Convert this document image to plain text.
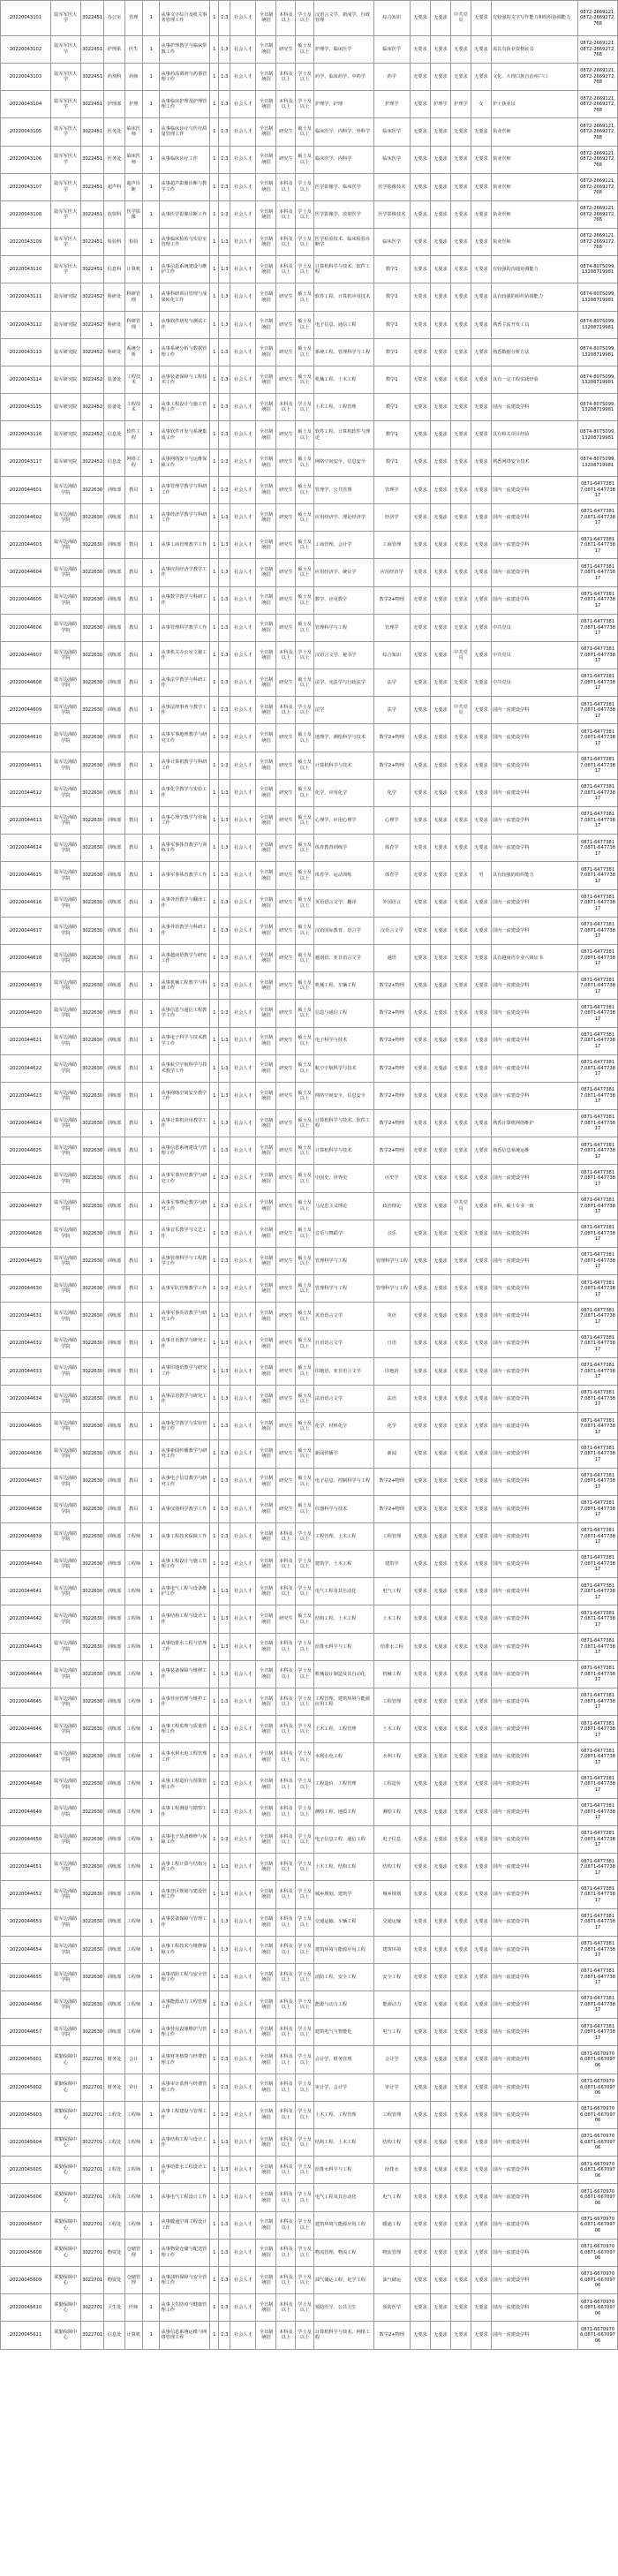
20220043101	陆军军医大学	3022451	办公室	管理	1	从事文字综合及机关事务管理工作	1	1:3	社会人才	全日制统招	本科及以上	学士及以上	汉语言文学、新闻学、行政管理	综合知识	无要求	无要求	中共党员	无要求	有较强的文字写作能力和组织协调能力	0872-2669121,0872-2669272,768
20220043102	陆军军医大学	3022451	护理系	医生	1	从事护理教学与临床带教工作	1	1:3	社会人才	全日制统招	研究生	硕士及以上	护理学、临床医学	临床医学	无要求	无要求	无要求	无要求	需具有执业资格证书	0872-2669121,0872-2669272,768
20220043103	陆军军医大学	3022451	药剂科	药师	1	从事药品调剂与药事管理工作	1	1:3	社会人才	全日制统招	本科及以上	学士及以上	药学、临床药学、中药学	药学	无要求	无要求	无要求	无要求	文化、大理白族自治州户口	0872-2669121,0872-2669272,768
20220043104	陆军军医大学	3022451	护理部	护理	1	从事临床护理及护理管理工作	1	1:3	社会人才	全日制统招	本科及以上	学士及以上	护理学、护理	护理学	无要求	护理学	护理学	女	护士执业证	0872-2669121,0872-2669272,768
20220043105	陆军军医大学	3022451	医务处	临床医师	1	从事临床诊疗与医疗质量管理工作	1	1:3	社会人才	全日制统招	研究生	硕士及以上	临床医学、内科学、外科学	临床医学	无要求	无要求	无要求	无要求	执业医师	0872-2669121,0872-2669272,768
20220043106	陆军军医大学	3022451	医务处	临床医师	1	从事临床诊疗工作	1	1:3	社会人才	全日制统招	研究生	硕士及以上	临床医学、内科学	临床医学	无要求	无要求	无要求	无要求	执业医师	0872-2669121,0872-2669272,768
20220043107	陆军军医大学	3022451	超声科	超声诊断	1	从事超声影像诊断与教学工作	1	1:3	社会人才	全日制统招	本科及以上	学士及以上	医学影像学、临床医学	医学影像技术	无要求	无要求	无要求	无要求	执业医师	0872-2669121,0872-2669272,768
20220043108	陆军军医大学	3022451	放射科	医学影像	1	从事医学影像诊断工作	1	1:3	社会人才	全日制统招	本科及以上	学士及以上	医学影像学、放射医学	医学影像技术	无要求	无要求	无要求	无要求	执业医师	0872-2669121,0872-2669272,768
20220043109	陆军军医大学	3022451	检验科	检验	1	从事临床检验与实验室管理工作	1	1:3	社会人才	全日制统招	本科及以上	学士及以上	医学检验技术、临床检验诊断学	临床医学	无要求	无要求	无要求	无要求	执业医师	0872-2669121,0872-2669272,768
20220043110	陆军军医大学	3022451	信息科	计算机	1	从事信息系统建设与维护工作	1	1:3	社会人才	全日制统招	本科及以上	学士及以上	计算机科学与技术、软件工程	数学1	无要求	无要求	无要求	无要求	有较强的沟通协调能力	0874-8075099,13208719981
20220043111	陆军研究院	3022452	科研处	科研管理	1	从事科研项目管理与成果转化工作	1	1:3	社会人才	全日制统招	研究生	硕士及以上	软件工程、计算机应用技术	数学1	无要求	无要求	无要求	无要求	具有较强的组织协调能力	0874-8075099,13208719981
20220043112	陆军研究院	3022452	科研处	科研管理	1	从事软件研发与测试工作	1	1:3	社会人才	全日制统招	研究生	硕士及以上	电子信息、通信工程	数学1	无要求	无要求	无要求	无要求	熟悉主流开发工具	0874-8075099,13208719981
20220043113	陆军研究院	3022452	科研处	系统分析	1	从事系统分析与数据管理工作	1	1:3	社会人才	全日制统招	研究生	硕士及以上	系统工程、管理科学与工程	数学1	无要求	无要求	无要求	无要求	熟悉数据分析方法	0874-8075099,13208719981
20220043114	陆军研究院	3022452	装备处	工程技术	1	从事装备保障与工程技术工作	1	1:3	社会人才	全日制统招	研究生	硕士及以上	机械工程、土木工程	数学1	无要求	无要求	无要求	无要求	具有一定工程实践经验	0874-8075099,13208719981
20220043115	陆军研究院	3022452	装备处	工程技术	1	从事工程设计与施工管理工作	1	1:3	社会人才	全日制统招	本科及以上	学士及以上	土木工程、工程管理	数学1	无要求	无要求	无要求	无要求	国内一流建设学科	0874-8075099,13208719981
20220043116	陆军研究院	3022452	信息处	软件工程	1	从事软件开发与系统集成工作	1	1:3	社会人才	全日制统招	研究生	硕士及以上	软件工程、计算机软件与理论	数学1	无要求	无要求	无要求	无要求	具有相关项目经验	0874-8075099,13208719981
20220043117	陆军研究院	3022452	信息处	网络工程	1	从事网络安全与运维保障工作	1	1:3	社会人才	全日制统招	研究生	硕士及以上	网络空间安全、信息安全	数学1	无要求	无要求	无要求	无要求	熟悉网络安全技术	0874-8075099,13208719981
20220044601	陆军边海防学院	3022630	训练部	教员	1	从事管理学教学与科研工作	1	1:3	社会人才	全日制统招	研究生	硕士及以上	管理学、公共管理	管理学	无要求	无要求	无要求	无要求	国内一流建设学科	0871-64773817,0871-64773817
20220044602	陆军边海防学院	3022630	训练部	教员	1	从事经济学教学与科研工作	1	1:3	社会人才	全日制统招	研究生	硕士及以上	应用经济学、理论经济学	经济学	无要求	无要求	无要求	无要求	国内一流建设学科	0871-64773817,0871-64773817
20220044603	陆军边海防学院	3022630	训练部	教员	1	从事工商管理教学工作	1	1:3	社会人才	全日制统招	研究生	硕士及以上	工商管理、会计学	工商管理	无要求	无要求	无要求	无要求	国内一流建设学科	0871-64773817,0871-64773817
20220044604	陆军边海防学院	3022630	训练部	教员	1	从事应用经济学教学工作	1	1:3	社会人才	全日制统招	研究生	硕士及以上	应用经济学、统计学	应用经济学	无要求	无要求	无要求	无要求	国内一流建设学科	0871-64773817,0871-64773817
20220044605	陆军边海防学院	3022630	训练部	教员	1	从事数学教学与科研工作	1	1:3	社会人才	全日制统招	研究生	硕士及以上	数学、应用数学	数学2+物理	无要求	无要求	无要求	无要求	国内一流建设学科	0871-64773817,0871-64773817
20220044606	陆军边海防学院	3022630	训练部	教员	1	从事管理科学教学工作	1	1:3	社会人才	全日制统招	研究生	硕士及以上	管理科学与工程	管理学	无要求	无要求	无要求	无要求	中共党员	0871-64773817,0871-64773817
20220044607	陆军边海防学院	3022630	训练部	教员	1	从事机关办公室文秘工作	1	1:3	社会人才	全日制统招	本科及以上	学士及以上	汉语言文学、秘书学	综合知识	无要求	无要求	中共党员	无要求	中共党员	0871-64773817,0871-64773817
20220044608	陆军边海防学院	3022630	训练部	教员	1	从事法学教学与科研工作	1	1:3	社会人才	全日制统招	研究生	硕士及以上	法学、宪法学与行政法学	法学	无要求	无要求	无要求	无要求	中共党员	0871-64773817,0871-64773817
20220044609	陆军边海防学院	3022630	训练部	教员	1	从事法律事务与教学工作	1	1:3	社会人才	全日制统招	本科及以上	学士及以上	法学	法学	无要求	无要求	中共党员	无要求	国内一流建设学科	0871-64773817,0871-64773817
20220044610	陆军边海防学院	3022630	训练部	教员	1	从事军事地理教学与研究工作	1	1:3	社会人才	全日制统招	研究生	硕士及以上	地理学、测绘科学与技术	数学2+物理	无要求	无要求	无要求	无要求	国内一流建设学科	0871-64773817,0871-64773817
20220044611	陆军边海防学院	3022630	训练部	教员	1	从事计算机教学与科研工作	1	1:3	社会人才	全日制统招	研究生	硕士及以上	计算机科学与技术	数学2+物理	无要求	无要求	无要求	无要求	国内一流建设学科	0871-64773817,0871-64773817
20220044612	陆军边海防学院	3022630	训练部	教员	1	从事化学教学与实验工作	1	1:3	社会人才	全日制统招	研究生	硕士及以上	化学、应用化学	化学	无要求	无要求	无要求	无要求	国内一流建设学科	0871-64773817,0871-64773817
20220044613	陆军边海防学院	3022630	训练部	教员	1	从事心理学教学与咨询工作	1	1:3	社会人才	全日制统招	研究生	硕士及以上	心理学、应用心理学	心理学	无要求	无要求	无要求	无要求	国内一流建设学科	0871-64773817,0871-64773817
20220044614	陆军边海防学院	3022630	训练部	教员	1	从事军事体育教学与训练工作	1	1:3	社会人才	全日制统招	研究生	硕士及以上	体育教育训练学	体育学	无要求	无要求	无要求	无要求	国内一流建设学科	0871-64773817,0871-64773817
20220044615	陆军边海防学院	3022630	训练部	教员	1	从事军事体育教学工作	1	1:3	社会人才	全日制统招	研究生	硕士及以上	体育学、运动训练	体育学	无要求	无要求	无要求	男	具有较强的组织能力	0871-64773817,0871-64773817
20220044616	陆军边海防学院	3022630	训练部	教员	1	从事外语教学与翻译工作	1	1:3	社会人才	全日制统招	研究生	硕士及以上	英语语言文学、翻译	外国语言	无要求	无要求	无要求	无要求	国内一流建设学科	0871-64773817,0871-64773817
20220044617	陆军边海防学院	3022630	训练部	教员	1	从事外语教学与科研工作	1	1:3	社会人才	全日制统招	研究生	硕士及以上	汉语国际教育、语言学	汉语言文学	无要求	无要求	无要求	无要求	国内一流建设学科	0871-64773817,0871-64773817
20220044618	陆军边海防学院	3022630	训练部	教员	1	从事越南语教学与研究工作	1	1:3	社会人才	全日制统招	研究生	硕士及以上	越南语、亚非语言文学	越语	无要求	无要求	无要求	无要求	具有越南语专业八级证书	0871-64773817,0871-64773817
20220044619	陆军边海防学院	3022630	训练部	教员	1	从事机械工程教学与科研工作	1	1:3	社会人才	全日制统招	研究生	硕士及以上	机械工程、车辆工程	数学2+物理	无要求	无要求	无要求	无要求	国内一流建设学科	0871-64773817,0871-64773817
20220044620	陆军边海防学院	3022630	训练部	教员	1	从事信息与通信工程教学工作	1	1:3	社会人才	全日制统招	研究生	硕士及以上	信息与通信工程	数学2+物理	无要求	无要求	无要求	无要求	国内一流建设学科	0871-64773817,0871-64773817
20220044621	陆军边海防学院	3022630	训练部	教员	1	从事电子科学与技术教学工作	1	1:3	社会人才	全日制统招	研究生	硕士及以上	电子科学与技术	数学2+物理	无要求	无要求	无要求	无要求	国内一流建设学科	0871-64773817,0871-64773817
20220044622	陆军边海防学院	3022630	训练部	教员	1	从事航空宇航科学与技术教学工作	1	1:3	社会人才	全日制统招	研究生	硕士及以上	航空宇航科学与技术	数学2+物理	无要求	无要求	无要求	无要求	国内一流建设学科	0871-64773817,0871-64773817
20220044623	陆军边海防学院	3022630	训练部	教员	1	从事网络空间安全教学工作	1	1:3	社会人才	全日制统招	研究生	硕士及以上	网络空间安全、信息安全	数学2+物理	无要求	无要求	无要求	无要求	国内一流建设学科	0871-64773817,0871-64773817
20220044624	陆军边海防学院	3022630	训练部	教员	1	从事计算机应用教学工作	1	1:3	社会人才	全日制统招	研究生	硕士及以上	计算机科学与技术、软件工程	数学2+物理	无要求	无要求	无要求	无要求	熟悉计算机网络维护	0871-64773817,0871-64773817
20220044625	陆军边海防学院	3022630	训练部	教员	1	从事信息系统建设与管理工作	1	1:3	社会人才	全日制统招	研究生	硕士及以上	计算机科学与技术	数学2+物理	无要求	无要求	无要求	无要求	熟悉信息系统运维	0871-64773817,0871-64773817
20220044626	陆军边海防学院	3022630	训练部	教员	1	从事军事历史教学与研究工作	1	1:3	社会人才	全日制统招	研究生	硕士及以上	中国史、世界史	历史学	无要求	无要求	无要求	无要求	国内一流建设学科	0871-64773817,0871-64773817
20220044627	陆军边海防学院	3022630	训练部	教员	1	从事军事理论教学与研究工作	1	1:3	社会人才	全日制统招	研究生	硕士及以上	马克思主义理论	政治理论	无要求	无要求	中共党员	无要求	本科、硕士专业一致	0871-64773817,0871-64773817
20220044628	陆军边海防学院	3022630	训练部	教员	1	从事音乐教学与文艺工作	1	1:3	社会人才	全日制统招	研究生	硕士及以上	音乐与舞蹈学	音乐	无要求	无要求	无要求	无要求	国内一流建设学科	0871-64773817,0871-64773817
20220044629	陆军边海防学院	3022630	训练部	教员	1	从事管理科学与工程教学工作	1	1:3	社会人才	全日制统招	研究生	硕士及以上	管理科学与工程	管理科学与工程	无要求	无要求	无要求	无要求	国内一流建设学科	0871-64773817,0871-64773817
20220044630	陆军边海防学院	3022630	训练部	教员	1	从事军队管理教学工作	1	1:3	社会人才	全日制统招	研究生	硕士及以上	管理科学与工程	管理科学与工程	无要求	无要求	无要求	无要求	国内一流建设学科	0871-64773817,0871-64773817
20220044631	陆军边海防学院	3022630	训练部	教员	1	从事军事英语教学与研究工作	1	1:3	社会人才	全日制统招	研究生	硕士及以上	英语语言文学	英语	无要求	无要求	无要求	无要求	国内一流建设学科	0871-64773817,0871-64773817
20220044632	陆军边海防学院	3022630	训练部	教员	1	从事日语教学与研究工作	1	1:3	社会人才	全日制统招	研究生	硕士及以上	日语语言文学	日语	无要求	无要求	无要求	无要求	国内一流建设学科	0871-64773817,0871-64773817
20220044633	陆军边海防学院	3022630	训练部	教员	1	从事印地语教学与研究工作	1	1:3	社会人才	全日制统招	研究生	硕士及以上	印地语、亚非语言文学	印地语	无要求	无要求	无要求	无要求	国内一流建设学科	0871-64773817,0871-64773817
20220044634	陆军边海防学院	3022630	训练部	教员	1	从事法语教学与研究工作	1	1:3	社会人才	全日制统招	研究生	硕士及以上	法语语言文学	法语	无要求	无要求	无要求	无要求	国内一流建设学科	0871-64773817,0871-64773817
20220044635	陆军边海防学院	3022630	训练部	教员	1	从事化学教学与实验管理工作	1	1:3	社会人才	全日制统招	研究生	硕士及以上	化学、材料化学	化学	无要求	无要求	无要求	无要求	国内一流建设学科	0871-64773817,0871-64773817
20220044636	陆军边海防学院	3022630	训练部	教员	1	从事新闻传播教学与研究工作	1	1:3	社会人才	全日制统招	研究生	硕士及以上	新闻传播学	新闻	无要求	无要求	无要求	无要求	国内一流建设学科	0871-64773817,0871-64773817
20220044637	陆军边海防学院	3022630	训练部	教员	1	从事电子信息教学与研究工作	1	1:3	社会人才	全日制统招	研究生	硕士及以上	电子信息、控制科学与工程	数学2+物理	无要求	无要求	无要求	无要求	国内一流建设学科	0871-64773817,0871-64773817
20220044638	陆军边海防学院	3022630	训练部	教员	1	从事仪器科学教学工作	1	1:3	社会人才	全日制统招	研究生	硕士及以上	仪器科学与技术	数学2+物理	无要求	无要求	无要求	无要求	国内一流建设学科	0871-64773817,0871-64773817
20220044639	陆军边海防学院	3022630	训练部	工程师	1	从事工程技术保障工作	1	1:3	社会人才	全日制统招	本科及以上	学士及以上	工程管理、土木工程	工程管理	无要求	无要求	无要求	无要求	国内一流建设学科	0871-64773817,0871-64773817
20220044640	陆军边海防学院	3022630	训练部	工程师	1	从事工程设计与施工管理工作	1	1:3	社会人才	全日制统招	本科及以上	学士及以上	建筑学、土木工程	建筑学	无要求	无要求	无要求	无要求	国内一流建设学科	0871-64773817,0871-64773817
20220044641	陆军边海防学院	3022630	训练部	工程师	1	从事电气工程与设备维护工作	1	1:3	社会人才	全日制统招	本科及以上	学士及以上	电气工程及其自动化	电气工程	无要求	无要求	无要求	无要求	国内一流建设学科	0871-64773817,0871-64773817
20220044642	陆军边海防学院	3022630	训练部	工程师	1	从事结构工程与设计工作	1	1:3	社会人才	全日制统招	研究生	硕士及以上	结构工程、土木工程	土木工程	无要求	无要求	无要求	无要求	国内一流建设学科	0871-64773817,0871-64773817
20220044643	陆军边海防学院	3022630	训练部	工程师	1	从事给排水工程与管理工作	1	1:3	社会人才	全日制统招	本科及以上	学士及以上	给排水科学与工程	给排水工程	无要求	无要求	无要求	无要求	国内一流建设学科	0871-64773817,0871-64773817
20220044644	陆军边海防学院	3022630	训练部	工程师	1	从事装备保障与维修工作	1	1:3	社会人才	全日制统招	本科及以上	学士及以上	机械设计制造及其自动化	机械工程	无要求	无要求	无要求	无要求	国内一流建设学科	0871-64773817,0871-64773817
20220044645	陆军边海防学院	3022630	训练部	工程师	1	从事营房管理与维护工作	1	1:3	社会人才	全日制统招	本科及以上	学士及以上	工程管理、建筑环境与能源应用工程	工程管理	无要求	无要求	无要求	无要求	国内一流建设学科	0871-64773817,0871-64773817
20220044646	陆军边海防学院	3022630	训练部	工程师	1	从事工程监理与质量管理工作	1	1:3	社会人才	全日制统招	本科及以上	学士及以上	土木工程、工程管理	土木工程	无要求	无要求	无要求	无要求	国内一流建设学科	0871-64773817,0871-64773817
20220044647	陆军边海防学院	3022630	训练部	工程师	1	从事水利水电工程管理工作	1	1:3	社会人才	全日制统招	本科及以上	学士及以上	水利水电工程	水利工程	无要求	无要求	无要求	无要求	国内一流建设学科	0871-64773817,0871-64773817
20220044648	陆军边海防学院	3022630	训练部	工程师	1	从事工程造价与预算管理工作	1	1:3	社会人才	全日制统招	本科及以上	学士及以上	工程造价、工程管理	工程造价	无要求	无要求	无要求	无要求	国内一流建设学科	0871-64773817,0871-64773817
20220044649	陆军边海防学院	3022630	训练部	工程师	1	从事工程测量与勘察工作	1	1:3	社会人才	全日制统招	本科及以上	学士及以上	测绘工程、地质工程	测绘工程	无要求	无要求	无要求	无要求	国内一流建设学科	0871-64773817,0871-64773817
20220044650	陆军边海防学院	3022630	训练部	工程师	1	从事电子装备维修与保障工作	1	1:3	社会人才	全日制统招	本科及以上	学士及以上	电子信息工程、通信工程	电子信息	无要求	无要求	无要求	无要求	国内一流建设学科	0871-64773817,0871-64773817
20220044651	陆军边海防学院	3022630	训练部	工程师	1	从事工程计算与结构分析工作	1	1:3	社会人才	全日制统招	本科及以上	学士及以上	土木工程、结构工程	结构工程	无要求	无要求	无要求	无要求	国内一流建设学科	0871-64773817,0871-64773817
20220044652	陆军边海防学院	3022630	训练部	工程师	1	从事营区规划与建设管理工作	1	1:3	社会人才	全日制统招	本科及以上	学士及以上	城乡规划、建筑学	城乡规划	无要求	无要求	无要求	无要求	国内一流建设学科	0871-64773817,0871-64773817
20220044653	陆军边海防学院	3022630	训练部	工程师	1	从事装备保障与管理工作	1	1:3	社会人才	全日制统招	本科及以上	学士及以上	交通运输、车辆工程	交通运输	无要求	无要求	无要求	无要求	国内一流建设学科	0871-64773817,0871-64773817
20220044654	陆军边海防学院	3022630	训练部	工程师	1	从事工程技术与维修保障工作	1	1:3	社会人才	全日制统招	本科及以上	学士及以上	建筑环境与能源应用工程	建筑环境	无要求	无要求	无要求	无要求	国内一流建设学科	0871-64773817,0871-64773817
20220044655	陆军边海防学院	3022630	训练部	工程师	1	从事消防工程与安全管理工作	1	1:3	社会人才	全日制统招	本科及以上	学士及以上	消防工程、安全工程	安全工程	无要求	无要求	无要求	无要求	国内一流建设学科	0871-64773817,0871-64773817
20220044656	陆军边海防学院	3022630	训练部	工程师	1	从事能源动力工程管理工作	1	1:3	社会人才	全日制统招	本科及以上	学士及以上	能源与动力工程	能源动力	无要求	无要求	无要求	无要求	国内一流建设学科	0871-64773817,0871-64773817
20220044657	陆军边海防学院	3022630	训练部	工程师	1	从事营房设施维护与管理工作	1	1:3	社会人才	全日制统招	本科及以上	学士及以上	建筑电气与智能化	电气工程	无要求	无要求	无要求	无要求	国内一流建设学科	0871-64773817,0871-64773817
20220045601	联勤保障中心	3022701	财务处	会计	1	从事财务核算与经费管理工作	1	1:3	社会人才	全日制统招	本科及以上	学士及以上	会计学、财务管理	会计学	无要求	无要求	无要求	无要求	国内一流建设学科	0871-66709706,0871-66709706
20220045602	联勤保障中心	3022701	财务处	审计	1	从事审计监督与经费管理工作	1	1:3	社会人才	全日制统招	本科及以上	学士及以上	审计学、会计学	审计学	无要求	无要求	无要求	无要求	国内一流建设学科	0871-66709706,0871-66709706
20220045603	联勤保障中心	3022701	工程处	工程师	1	从事工程建设与管理工作	1	1:3	社会人才	全日制统招	本科及以上	学士及以上	土木工程、工程管理	工程管理	无要求	无要求	无要求	无要求	国内一流建设学科	0871-66709706,0871-66709706
20220045604	联勤保障中心	3022701	工程处	工程师	1	从事结构工程与设计工作	1	1:3	社会人才	全日制统招	本科及以上	学士及以上	结构工程、土木工程	结构工程	无要求	无要求	无要求	无要求	国内一流建设学科	0871-66709706,0871-66709706
20220045605	联勤保障中心	3022701	工程处	工程师	1	从事给排水工程设计工作	1	1:3	社会人才	全日制统招	本科及以上	学士及以上	给排水科学与工程	给排水	无要求	无要求	无要求	无要求	国内一流建设学科	0871-66709706,0871-66709706
20220045606	联勤保障中心	3022701	工程处	工程师	1	从事电气工程设计工作	1	1:3	社会人才	全日制统招	本科及以上	学士及以上	电气工程及其自动化	电气工程	无要求	无要求	无要求	无要求	国内一流建设学科	0871-66709706,0871-66709706
20220045607	联勤保障中心	3022701	工程处	工程师	1	从事暖通空调工程设计工作	1	1:3	社会人才	全日制统招	本科及以上	学士及以上	建筑环境与能源应用工程	暖通工程	无要求	无要求	无要求	无要求	国内一流建设学科	0871-66709706,0871-66709706
20220045608	联勤保障中心	3022701	物资处	仓储管理	1	从事物资仓储与配送管理工作	1	1:3	社会人才	全日制统招	本科及以上	学士及以上	物流管理、物流工程	物流管理	无要求	无要求	无要求	无要求	国内一流建设学科	0871-66709706,0871-66709706
20220045609	联勤保障中心	3022701	物资处	仓储管理	1	从事油料保障与安全管理工作	1	1:3	社会人才	全日制统招	本科及以上	学士及以上	油气储运工程、化学工程	油气储运	无要求	无要求	无要求	无要求	国内一流建设学科	0871-66709706,0871-66709706
20220045610	联勤保障中心	3022701	卫生处	医师	1	从事卫生防疫与健康管理工作	1	1:3	社会人才	全日制统招	本科及以上	学士及以上	预防医学、公共卫生	预防医学	无要求	无要求	无要求	无要求	国内一流建设学科	0871-66709706,0871-66709706
20220045611	联勤保障中心	3022701	信息处	计算机	1	从事信息系统运维与网络管理工作	1	1:3	社会人才	全日制统招	本科及以上	学士及以上	计算机科学与技术、网络工程	数学2+物理	无要求	无要求	无要求	无要求	国内一流建设学科	0871-66709706,0871-66709706
